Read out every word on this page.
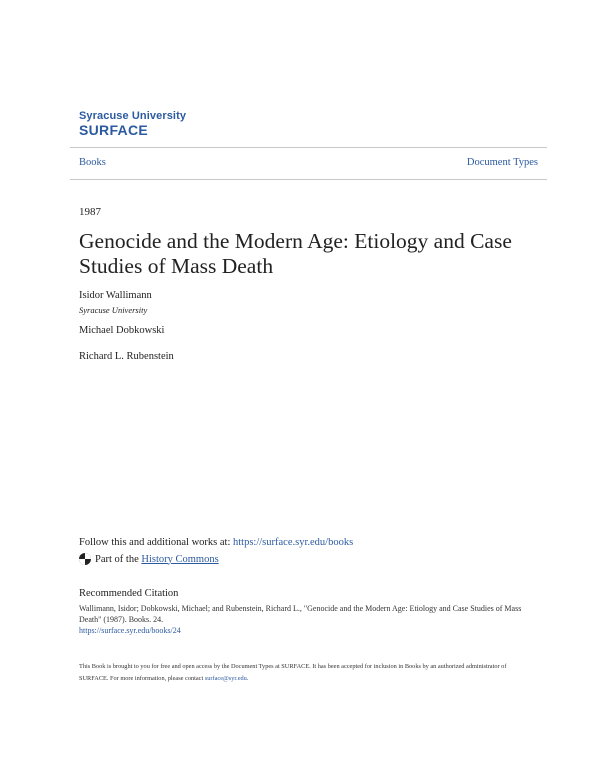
Syracuse University
SURFACE
Books	Document Types
1987
Genocide and the Modern Age: Etiology and Case Studies of Mass Death
Isidor Wallimann
Syracuse University
Michael Dobkowski
Richard L. Rubenstein
Follow this and additional works at: https://surface.syr.edu/books
Part of the
History Commons
Recommended Citation
Wallimann, Isidor; Dobkowski, Michael; and Rubenstein, Richard L., "Genocide and the Modern Age: Etiology and Case Studies of Mass Death" (1987). Books. 24.
https://surface.syr.edu/books/24
This Book is brought to you for free and open access by the Document Types at SURFACE. It has been accepted for inclusion in Books by an authorized administrator of SURFACE. For more information, please contact surface@syr.edu.
